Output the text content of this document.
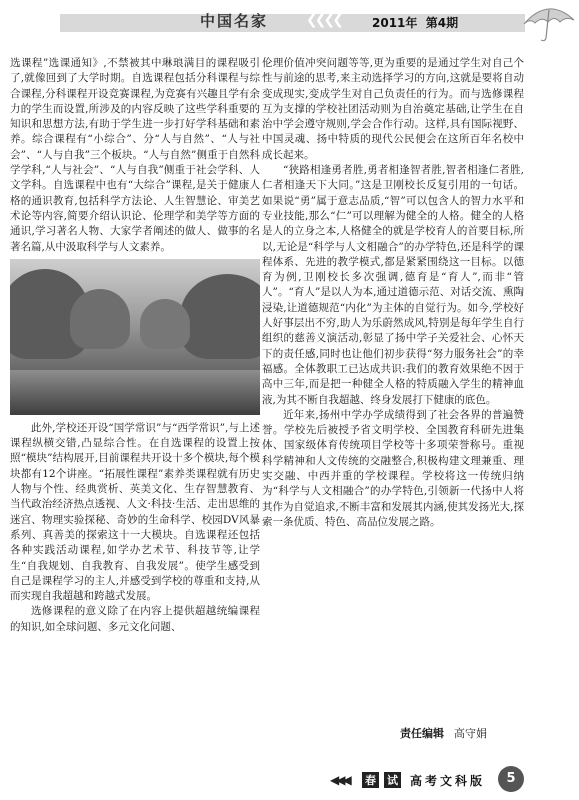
中国名家	❮❮❮❮	2011年 第4期

选课程”选课通知》,不禁被其中琳琅满目的课程吸引了,就像回到了大学时期。自选课程包括分科课程与综合课程,分科课程开设竞赛课程,为竞赛有兴趣且学有余力的学生而设置,所涉及的内容反映了这些学科重要的知识和思想方法,有助于学生进一步打好学科基础和素养。综合课程有“小综合”、分“人与自然”、“人与社会”、“人与自我”三个板块。“人与自然”侧重于自然科学学科,“人与社会”、“人与自我”侧重于社会学科、人文学科。自选课程中也有“大综合”课程,是关于健康人格的通识教育,包括科学方法论、人生智慧论、审美艺术论等内容,简要介绍认识论、伦理学和美学等方面的通识,学习著名人物、大家学者阐述的做人、做事的名著名篇,从中汲取科学与人文素养。

此外,学校还开设“国学常识”与“西学常识”,与上述课程纵横交错,凸显综合性。在自选课程的设置上按照“模块”结构展开,目前课程共开设十多个模块,每个模块都有12个讲座。“拓展性课程”素养类课程就有历史人物与个性、经典赏析、英美文化、生存智慧教育、当代政治经济热点透视、人文·科技·生活、走出思维的迷宫、物理实验探秘、奇妙的生命科学、校园DV风暴系列、真善美的探索这十一大模块。自选课程还包括各种实践活动课程,如学办艺术节、科技节等,让学生“自我规划、自我教育、自我发展”。使学生感受到自己是课程学习的主人,并感受到学校的尊重和支持,从而实现自我超越和跨越式发展。

选修课程的意义除了在内容上提供超越统编课程的知识,如全球问题、多元文化问题、

伦理价值冲突问题等等,更为重要的是通过学生对自己个性与前途的思考,来主动选择学习的方向,这就是要将自动变成现实,变成学生对自己负责任的行为。而与选修课程互为支撑的学校社团活动则为自治奠定基础,让学生在自治中学会遵守规则,学会合作行动。这样,具有国际视野、中国灵魂、扬中特质的现代公民便会在这所百年名校中成长起来。

“狭路相逢勇者胜,勇者相逢智者胜,智者相逢仁者胜,仁者相逢天下大同。”这是卫刚校长反复引用的一句话。如果说“勇”属于意志品质,“智”可以包含人的智力水平和专业技能,那么“仁”可以理解为健全的人格。健全的人格是人的立身之本,人格健全的就是学校育人的首要目标,所以,无论是“科学与人文相融合”的办学特色,还是科学的课程体系、先进的教学模式,都是紧紧围绕这一目标。以德育为例,卫刚校长多次强调,德育是“育人”,而非“管人”。“育人”是以人为本,通过道德示范、对话交流、熏陶浸染,让道德规范“内化”为主体的自觉行为。如今,学校好人好事层出不穷,助人为乐蔚然成风,特别是每年学生自行组织的慈善义演活动,彰显了扬中学子关爱社会、心怀天下的责任感,同时也让他们初步获得“努力服务社会”的幸福感。全体教职工已达成共识:我们的教育效果绝不因于高中三年,而是把一种健全人格的特质融入学生的精神血液,为其不断自我超越、终身发展打下健康的底色。

近年来,扬州中学办学成绩得到了社会各界的普遍赞誉。学校先后被授予省文明学校、全国教育科研先进集体、国家级体育传统项目学校等十多项荣誉称号。重视科学精神和人文传统的交融整合,积极构建文理兼重、理实交融、中西并重的学校课程。学校将这一传统归纳为“科学与人文相融合”的办学特色,引领新一代扬中人将其作为自觉追求,不断丰富和发展其内涵,使其发扬光大,探索一条优质、特色、高品位发展之路。

责任编辑 高守娟
◀◀◀ 春 试 高考文科版	5
